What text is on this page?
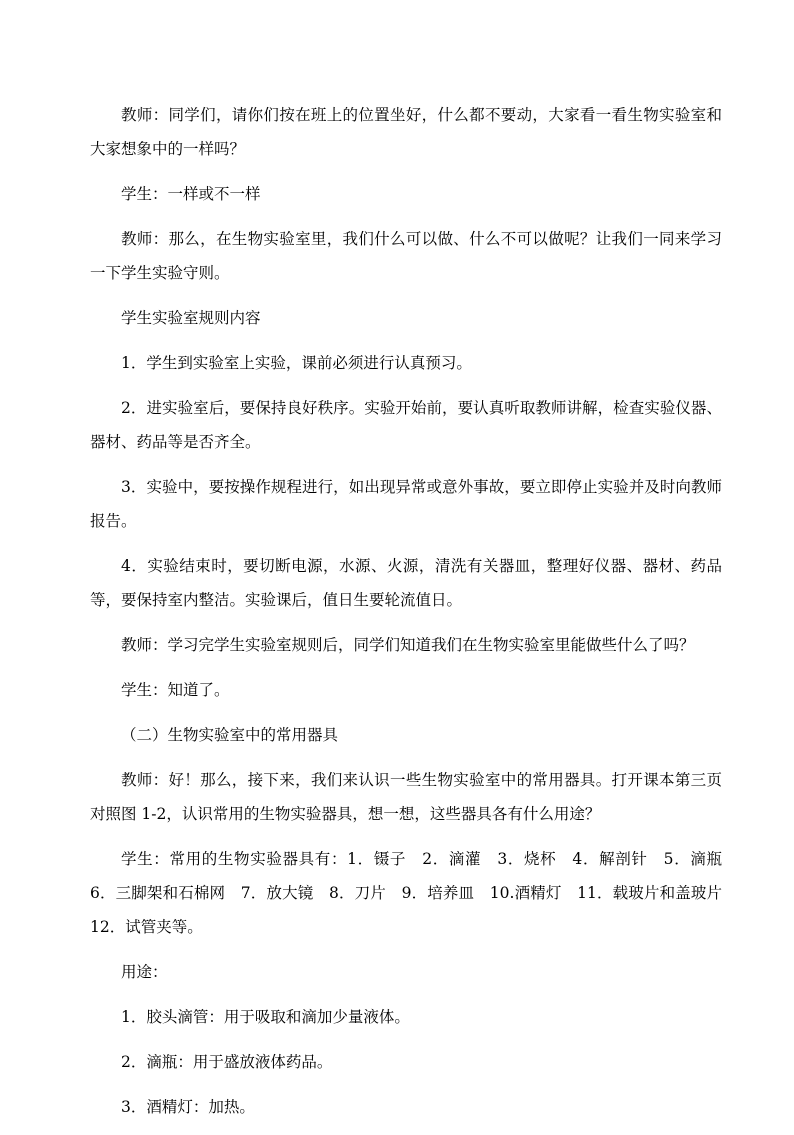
教师：同学们，请你们按在班上的位置坐好，什么都不要动，大家看一看生物实验室和大家想象中的一样吗？

学生：一样或不一样

教师：那么，在生物实验室里，我们什么可以做、什么不可以做呢？让我们一同来学习一下学生实验守则。

学生实验室规则内容

1．学生到实验室上实验，课前必须进行认真预习。

2．进实验室后，要保持良好秩序。实验开始前，要认真听取教师讲解，检查实验仪器、器材、药品等是否齐全。

3．实验中，要按操作规程进行，如出现异常或意外事故，要立即停止实验并及时向教师报告。

4．实验结束时，要切断电源，水源、火源，清洗有关器皿，整理好仪器、器材、药品等，要保持室内整洁。实验课后，值日生要轮流值日。

教师：学习完学生实验室规则后，同学们知道我们在生物实验室里能做些什么了吗？

学生：知道了。

（二）生物实验室中的常用器具

教师：好！那么，接下来，我们来认识一些生物实验室中的常用器具。打开课本第三页对照图 1-2，认识常用的生物实验器具，想一想，这些器具各有什么用途？

学生：常用的生物实验器具有：1．镊子　2．滴灌　3．烧杯　4．解剖针　5．滴瓶　6．三脚架和石棉网　7．放大镜　8．刀片　9．培养皿　10.酒精灯　11．载玻片和盖玻片　12．试管夹等。

用途：

1．胶头滴管：用于吸取和滴加少量液体。

2．滴瓶：用于盛放液体药品。

3．酒精灯：加热。
